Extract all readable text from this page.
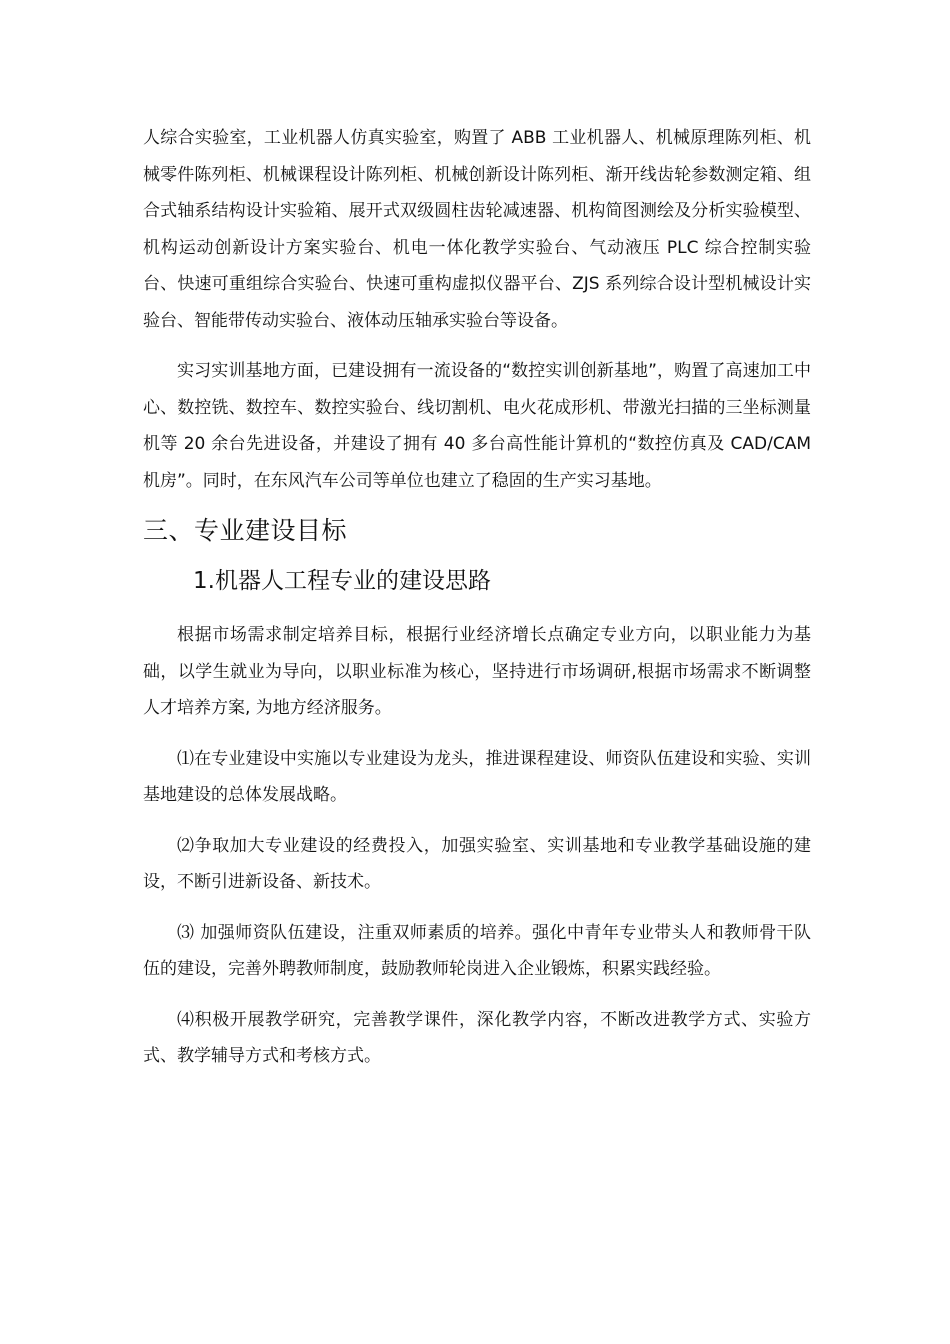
人综合实验室，工业机器人仿真实验室，购置了 ABB 工业机器人、机械原理陈列柜、机械零件陈列柜、机械课程设计陈列柜、机械创新设计陈列柜、渐开线齿轮参数测定箱、组合式轴系结构设计实验箱、展开式双级圆柱齿轮减速器、机构简图测绘及分析实验模型、机构运动创新设计方案实验台、机电一体化教学实验台、气动液压 PLC 综合控制实验台、快速可重组综合实验台、快速可重构虚拟仪器平台、ZJS 系列综合设计型机械设计实验台、智能带传动实验台、液体动压轴承实验台等设备。

实习实训基地方面，已建设拥有一流设备的“数控实训创新基地”，购置了高速加工中心、数控铣、数控车、数控实验台、线切割机、电火花成形机、带激光扫描的三坐标测量机等 20 余台先进设备，并建设了拥有 40 多台高性能计算机的“数控仿真及 CAD/CAM 机房”。同时，在东风汽车公司等单位也建立了稳固的生产实习基地。

三、专业建设目标
1.机器人工程专业的建设思路

根据市场需求制定培养目标，根据行业经济增长点确定专业方向，以职业能力为基础，以学生就业为导向，以职业标准为核心，坚持进行市场调研,根据市场需求不断调整人才培养方案, 为地方经济服务。

⑴在专业建设中实施以专业建设为龙头，推进课程建设、师资队伍建设和实验、实训基地建设的总体发展战略。

⑵争取加大专业建设的经费投入，加强实验室、实训基地和专业教学基础设施的建设，不断引进新设备、新技术。

⑶ 加强师资队伍建设，注重双师素质的培养。强化中青年专业带头人和教师骨干队伍的建设，完善外聘教师制度，鼓励教师轮岗进入企业锻炼，积累实践经验。

⑷积极开展教学研究，完善教学课件，深化教学内容，不断改进教学方式、实验方式、教学辅导方式和考核方式。
